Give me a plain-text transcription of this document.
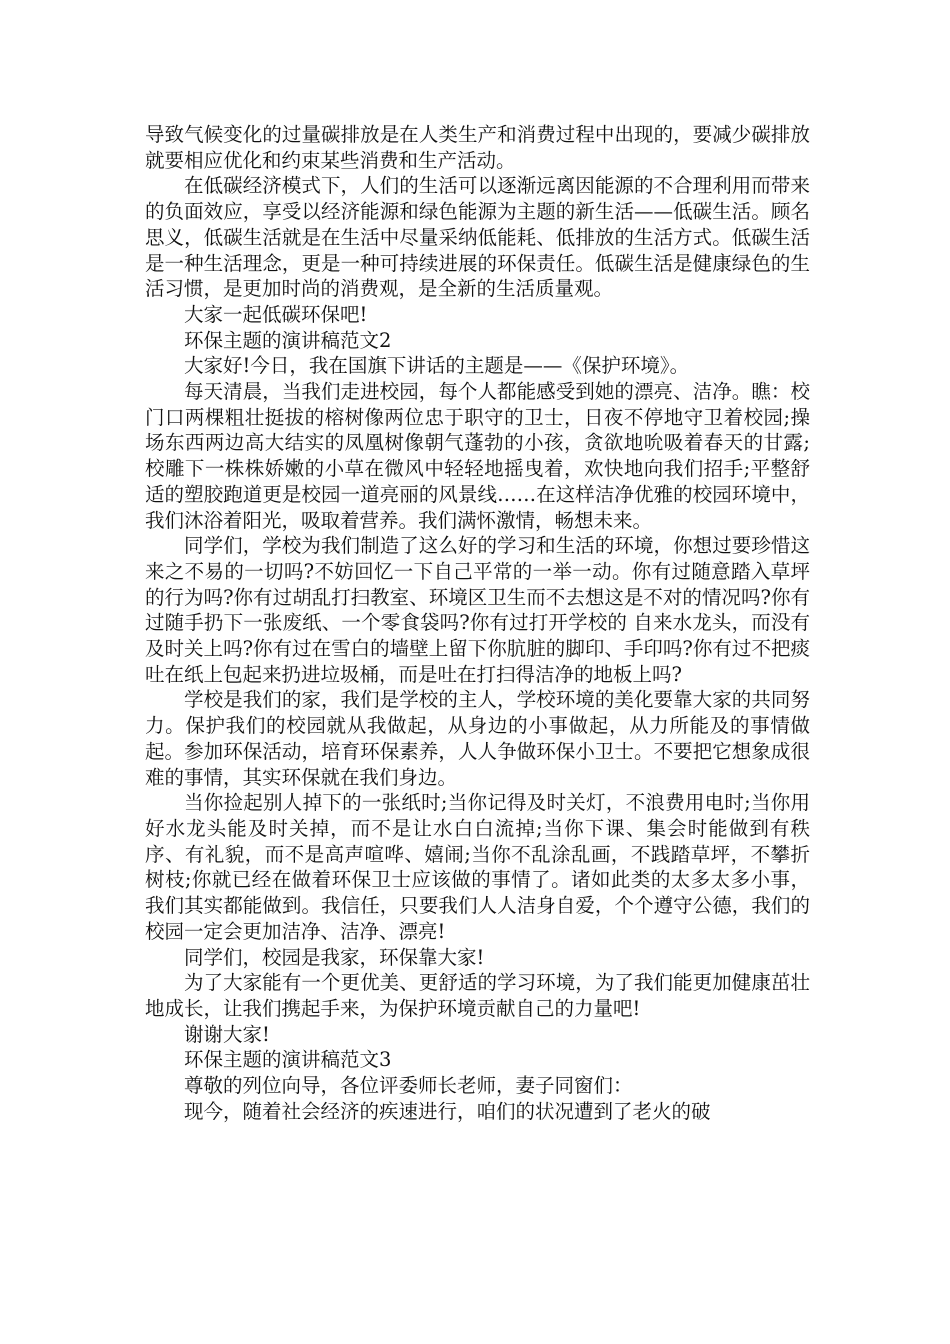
导致气候变化的过量碳排放是在人类生产和消费过程中出现的，要减少碳排放就要相应优化和约束某些消费和生产活动。

在低碳经济模式下，人们的生活可以逐渐远离因能源的不合理利用而带来的负面效应，享受以经济能源和绿色能源为主题的新生活——低碳生活。顾名思义，低碳生活就是在生活中尽量采纳低能耗、低排放的生活方式。低碳生活是一种生活理念，更是一种可持续进展的环保责任。低碳生活是健康绿色的生活习惯，是更加时尚的消费观，是全新的生活质量观。

大家一起低碳环保吧!

环保主题的演讲稿范文2

大家好!今日，我在国旗下讲话的主题是——《保护环境》。

每天清晨，当我们走进校园，每个人都能感受到她的漂亮、洁净。瞧：校门口两棵粗壮挺拔的榕树像两位忠于职守的卫士，日夜不停地守卫着校园;操场东西两边高大结实的凤凰树像朝气蓬勃的小孩，贪欲地吮吸着春天的甘露;校雕下一株株娇嫩的小草在微风中轻轻地摇曳着，欢快地向我们招手;平整舒适的塑胶跑道更是校园一道亮丽的风景线……在这样洁净优雅的校园环境中，我们沐浴着阳光，吸取着营养。我们满怀激情，畅想未来。

同学们，学校为我们制造了这么好的学习和生活的环境，你想过要珍惜这来之不易的一切吗?不妨回忆一下自己平常的一举一动。你有过随意踏入草坪的行为吗?你有过胡乱打扫教室、环境区卫生而不去想这是不对的情况吗?你有过随手扔下一张废纸、一个零食袋吗?你有过打开学校的 自来水龙头，而没有及时关上吗?你有过在雪白的墙壁上留下你肮脏的脚印、手印吗?你有过不把痰吐在纸上包起来扔进垃圾桶，而是吐在打扫得洁净的地板上吗?

学校是我们的家，我们是学校的主人，学校环境的美化要靠大家的共同努力。保护我们的校园就从我做起，从身边的小事做起，从力所能及的事情做起。参加环保活动，培育环保素养，人人争做环保小卫士。不要把它想象成很难的事情，其实环保就在我们身边。

当你捡起别人掉下的一张纸时;当你记得及时关灯，不浪费用电时;当你用好水龙头能及时关掉，而不是让水白白流掉;当你下课、集会时能做到有秩序、有礼貌，而不是高声喧哗、嬉闹;当你不乱涂乱画，不践踏草坪，不攀折树枝;你就已经在做着环保卫士应该做的事情了。诸如此类的太多太多小事，我们其实都能做到。我信任，只要我们人人洁身自爱，个个遵守公德，我们的校园一定会更加洁净、洁净、漂亮!

同学们，校园是我家，环保靠大家!

为了大家能有一个更优美、更舒适的学习环境，为了我们能更加健康茁壮地成长，让我们携起手来，为保护环境贡献自己的力量吧!

谢谢大家!

环保主题的演讲稿范文3

尊敬的列位向导，各位评委师长老师，妻子同窗们：

现今，随着社会经济的疾速进行，咱们的状况遭到了老火的破
